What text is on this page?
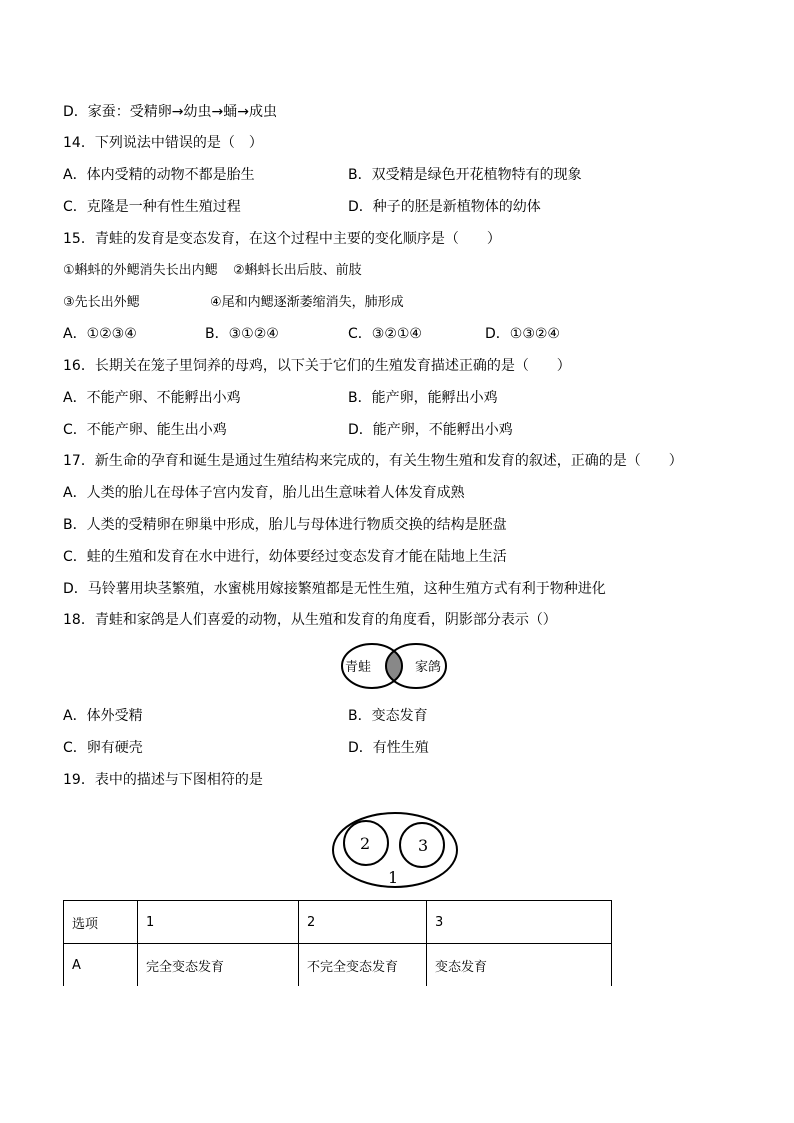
D．家蚕：受精卵→幼虫→蛹→成虫
14．下列说法中错误的是（　）
A．体内受精的动物不都是胎生	B．双受精是绿色开花植物特有的现象
C．克隆是一种有性生殖过程	D．种子的胚是新植物体的幼体
15．青蛙的发育是变态发育，在这个过程中主要的变化顺序是（　　）
①蝌蚪的外鳃消失长出内鳃 ②蝌蚪长出后肢、前肢
③先长出外鳃	④尾和内鳃逐渐萎缩消失，肺形成
A．①②③④	B．③①②④	C．③②①④	D．①③②④
16．长期关在笼子里饲养的母鸡，以下关于它们的生殖发育描述正确的是（　　）
A．不能产卵、不能孵出小鸡	B．能产卵，能孵出小鸡
C．不能产卵、能生出小鸡	D．能产卵，不能孵出小鸡
17．新生命的孕育和诞生是通过生殖结构来完成的，有关生物生殖和发育的叙述，正确的是（　　）
A．人类的胎儿在母体子宫内发育，胎儿出生意味着人体发育成熟
B．人类的受精卵在卵巢中形成，胎儿与母体进行物质交换的结构是胚盘
C．蛙的生殖和发育在水中进行，幼体要经过变态发育才能在陆地上生活
D．马铃薯用块茎繁殖，水蜜桃用嫁接繁殖都是无性生殖，这种生殖方式有利于物种进化
18．青蛙和家鸽是人们喜爱的动物，从生殖和发育的角度看，阴影部分表示（）
青蛙	家鸽
A．体外受精	B．变态发育
C．卵有硬壳	D．有性生殖
19．表中的描述与下图相符的是
2	3
1
选项	1	2	3
A	完全变态发育	不完全变态发育	变态发育
